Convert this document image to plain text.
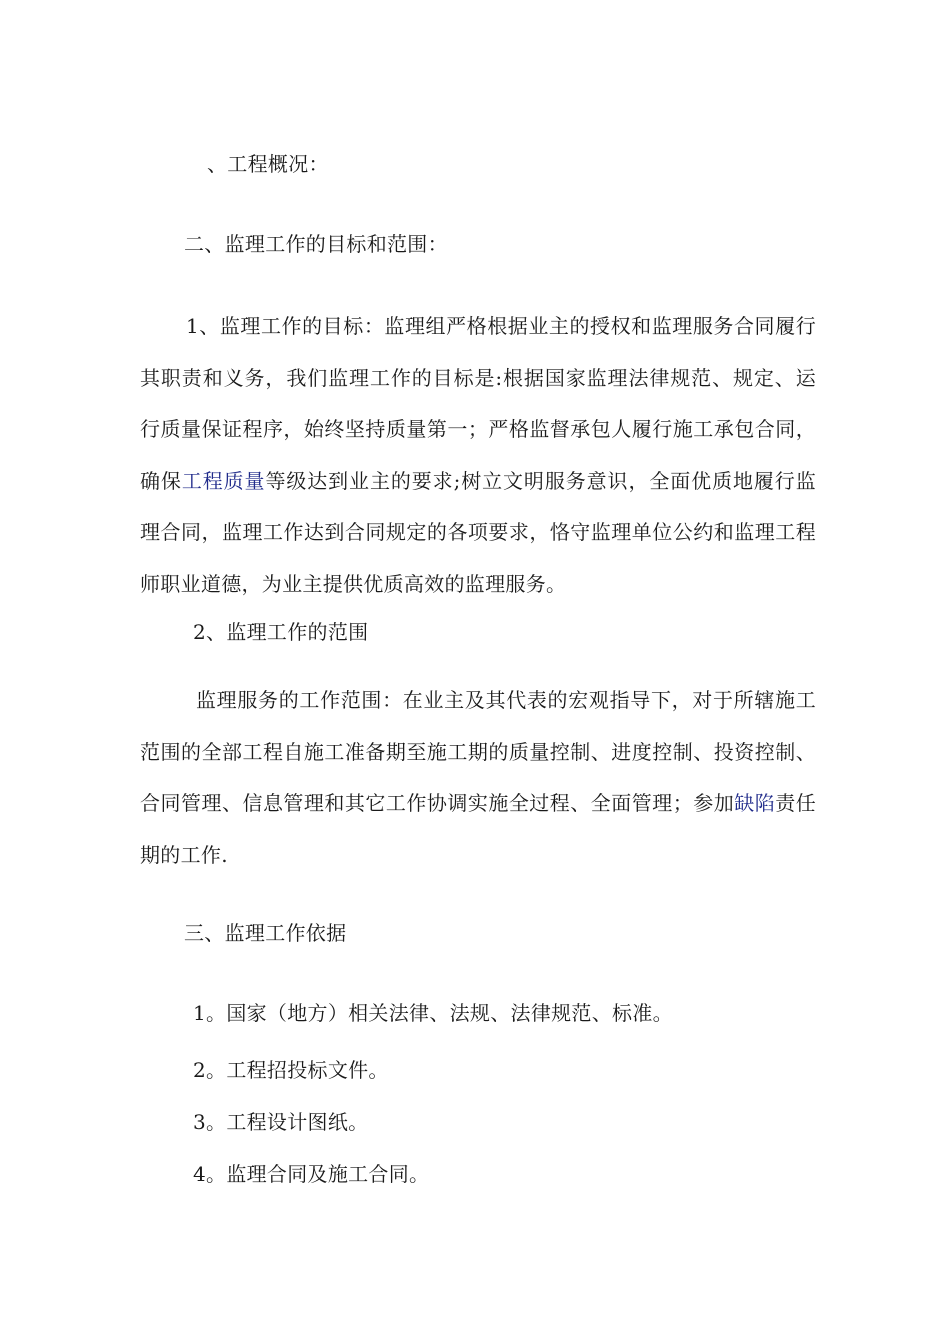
、工程概况：
二、监理工作的目标和范围：
1、监理工作的目标：监理组严格根据业主的授权和监理服务合同履行其职责和义务，我们监理工作的目标是:根据国家监理法律规范、规定、运行质量保证程序，始终坚持质量第一；严格监督承包人履行施工承包合同，确保工程质量等级达到业主的要求;树立文明服务意识，全面优质地履行监理合同，监理工作达到合同规定的各项要求，恪守监理单位公约和监理工程师职业道德，为业主提供优质高效的监理服务。
2、监理工作的范围
监理服务的工作范围：在业主及其代表的宏观指导下，对于所辖施工范围的全部工程自施工准备期至施工期的质量控制、进度控制、投资控制、合同管理、信息管理和其它工作协调实施全过程、全面管理；参加缺陷责任期的工作.
三、监理工作依据
1。国家（地方）相关法律、法规、法律规范、标准。
2。工程招投标文件。
3。工程设计图纸。
4。监理合同及施工合同。
